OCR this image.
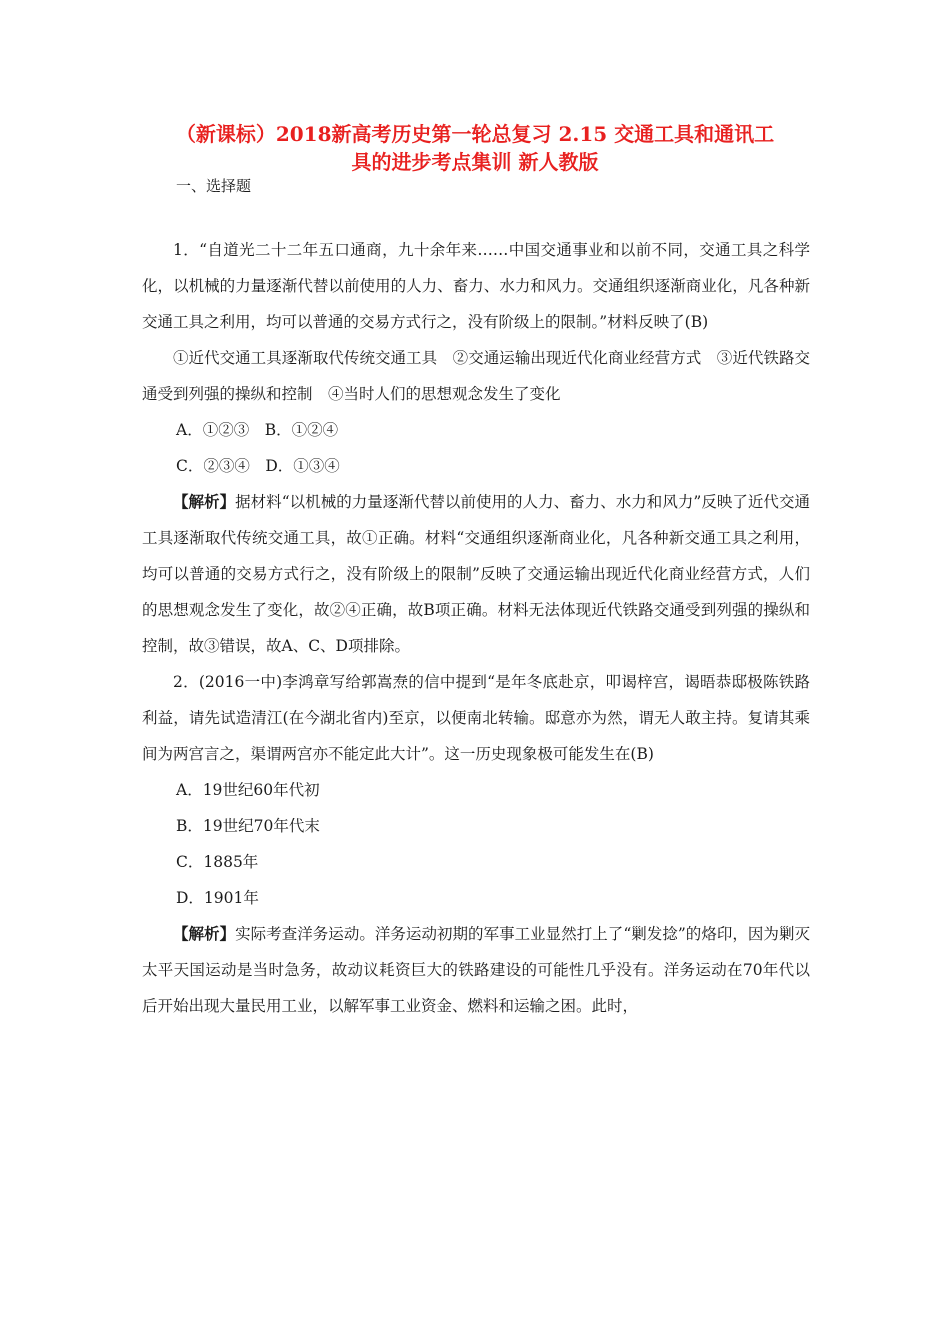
（新课标）2018新高考历史第一轮总复习 2.15 交通工具和通讯工
具的进步考点集训 新人教版
一、选择题

1．“自道光二十二年五口通商，九十余年来……中国交通事业和以前不同，交通工具之科学化，以机械的力量逐渐代替以前使用的人力、畜力、水力和风力。交通组织逐渐商业化，凡各种新交通工具之利用，均可以普通的交易方式行之，没有阶级上的限制。”材料反映了(B)

①近代交通工具逐渐取代传统交通工具　②交通运输出现近代化商业经营方式　③近代铁路交通受到列强的操纵和控制　④当时人们的思想观念发生了变化

A．①②③　B．①②④

C．②③④　D．①③④

【解析】据材料“以机械的力量逐渐代替以前使用的人力、畜力、水力和风力”反映了近代交通工具逐渐取代传统交通工具，故①正确。材料“交通组织逐渐商业化，凡各种新交通工具之利用，均可以普通的交易方式行之，没有阶级上的限制”反映了交通运输出现近代化商业经营方式，人们的思想观念发生了变化，故②④正确，故B项正确。材料无法体现近代铁路交通受到列强的操纵和控制，故③错误，故A、C、D项排除。

2．(2016一中)李鸿章写给郭嵩焘的信中提到“是年冬底赴京，叩谒梓宫，谒晤恭邸极陈铁路利益，请先试造清江(在今湖北省内)至京，以便南北转输。邸意亦为然，谓无人敢主持。复请其乘间为两宫言之，渠谓两宫亦不能定此大计”。这一历史现象极可能发生在(B)

A．19世纪60年代初

B．19世纪70年代末

C．1885年

D．1901年

【解析】实际考查洋务运动。洋务运动初期的军事工业显然打上了“剿发捻”的烙印，因为剿灭太平天国运动是当时急务，故动议耗资巨大的铁路建设的可能性几乎没有。洋务运动在70年代以后开始出现大量民用工业，以解军事工业资金、燃料和运输之困。此时，
